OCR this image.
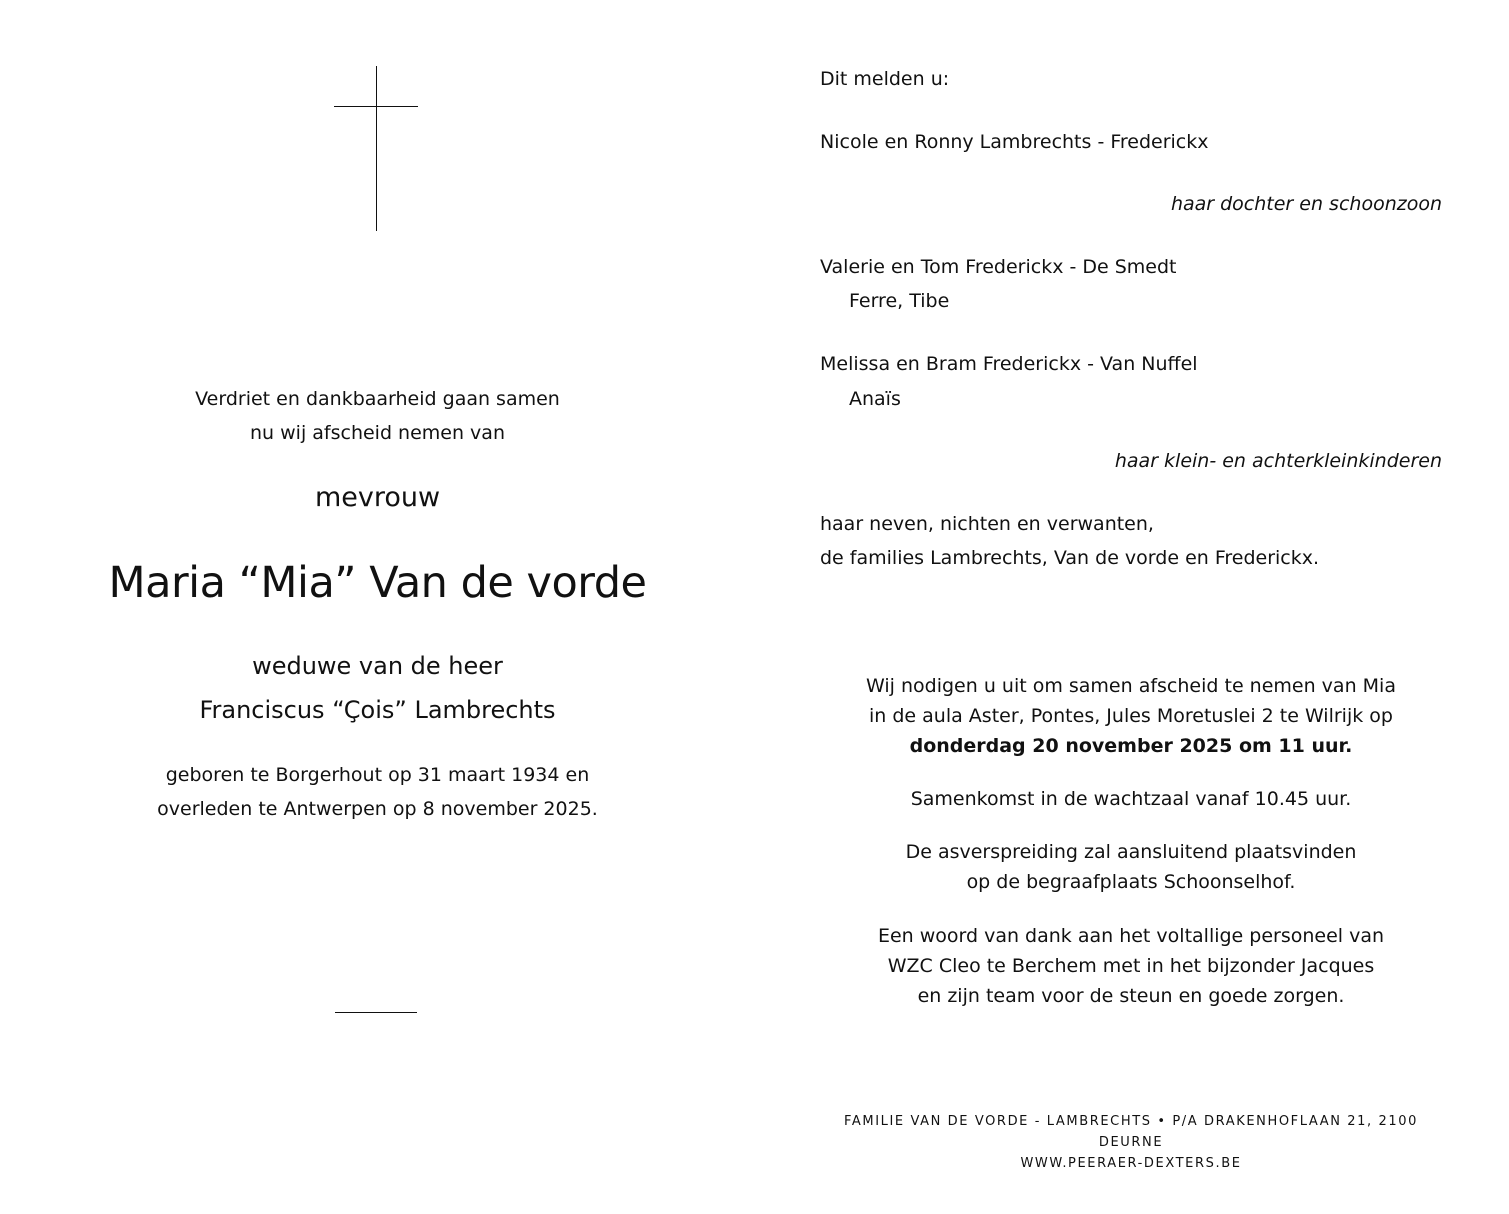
Verdriet en dankbaarheid gaan samen
nu wij afscheid nemen van
mevrouw
Maria “Mia” Van de vorde
weduwe van de heer
Franciscus “Çois” Lambrechts
geboren te Borgerhout op 31 maart 1934 en
overleden te Antwerpen op 8 november 2025.
Dit melden u:
Nicole en Ronny Lambrechts - Frederickx
haar dochter en schoonzoon
Valerie en Tom Frederickx - De Smedt
Ferre, Tibe
Melissa en Bram Frederickx - Van Nuffel
Anaïs
haar klein- en achterkleinkinderen
haar neven, nichten en verwanten,
de families Lambrechts, Van de vorde en Frederickx.
Wij nodigen u uit om samen afscheid te nemen van Mia
in de aula Aster, Pontes, Jules Moretuslei 2 te Wilrijk op
donderdag 20 november 2025 om 11 uur.
Samenkomst in de wachtzaal vanaf 10.45 uur.
De asverspreiding zal aansluitend plaatsvinden
op de begraafplaats Schoonselhof.
Een woord van dank aan het voltallige personeel van
WZC Cleo te Berchem met in het bijzonder Jacques
en zijn team voor de steun en goede zorgen.
FAMILIE VAN DE VORDE - LAMBRECHTS • P/A DRAKENHOFLAAN 21, 2100 DEURNE
WWW.PEERAER-DEXTERS.BE
